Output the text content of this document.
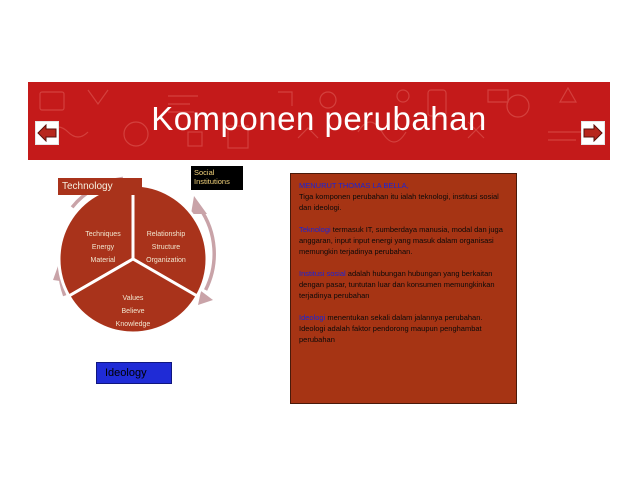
Komponen perubahan
Techniques
Energy
Material
Relationship
Structure
Organization
Values
Believe
Knowledge
Technology
Social
Institutions
Ideology

MENURUT THOMAS LA BELLA,
Tiga komponen perubahan itu ialah teknologi, institusi sosial dan ideologi.

Teknologi termasuk IT, sumberdaya manusia, modal dan juga anggaran, input input energi yang masuk dalam organisasi memungkin terjadinya perubahan.

Institusi sosial adalah hubungan hubungan yang berkaitan dengan pasar, tuntutan luar dan konsumen memungkinkan terjadinya perubahan

Ideologi menentukan sekali dalam jalannya perubahan. Ideologi adalah faktor pendorong maupun penghambat perubahan
